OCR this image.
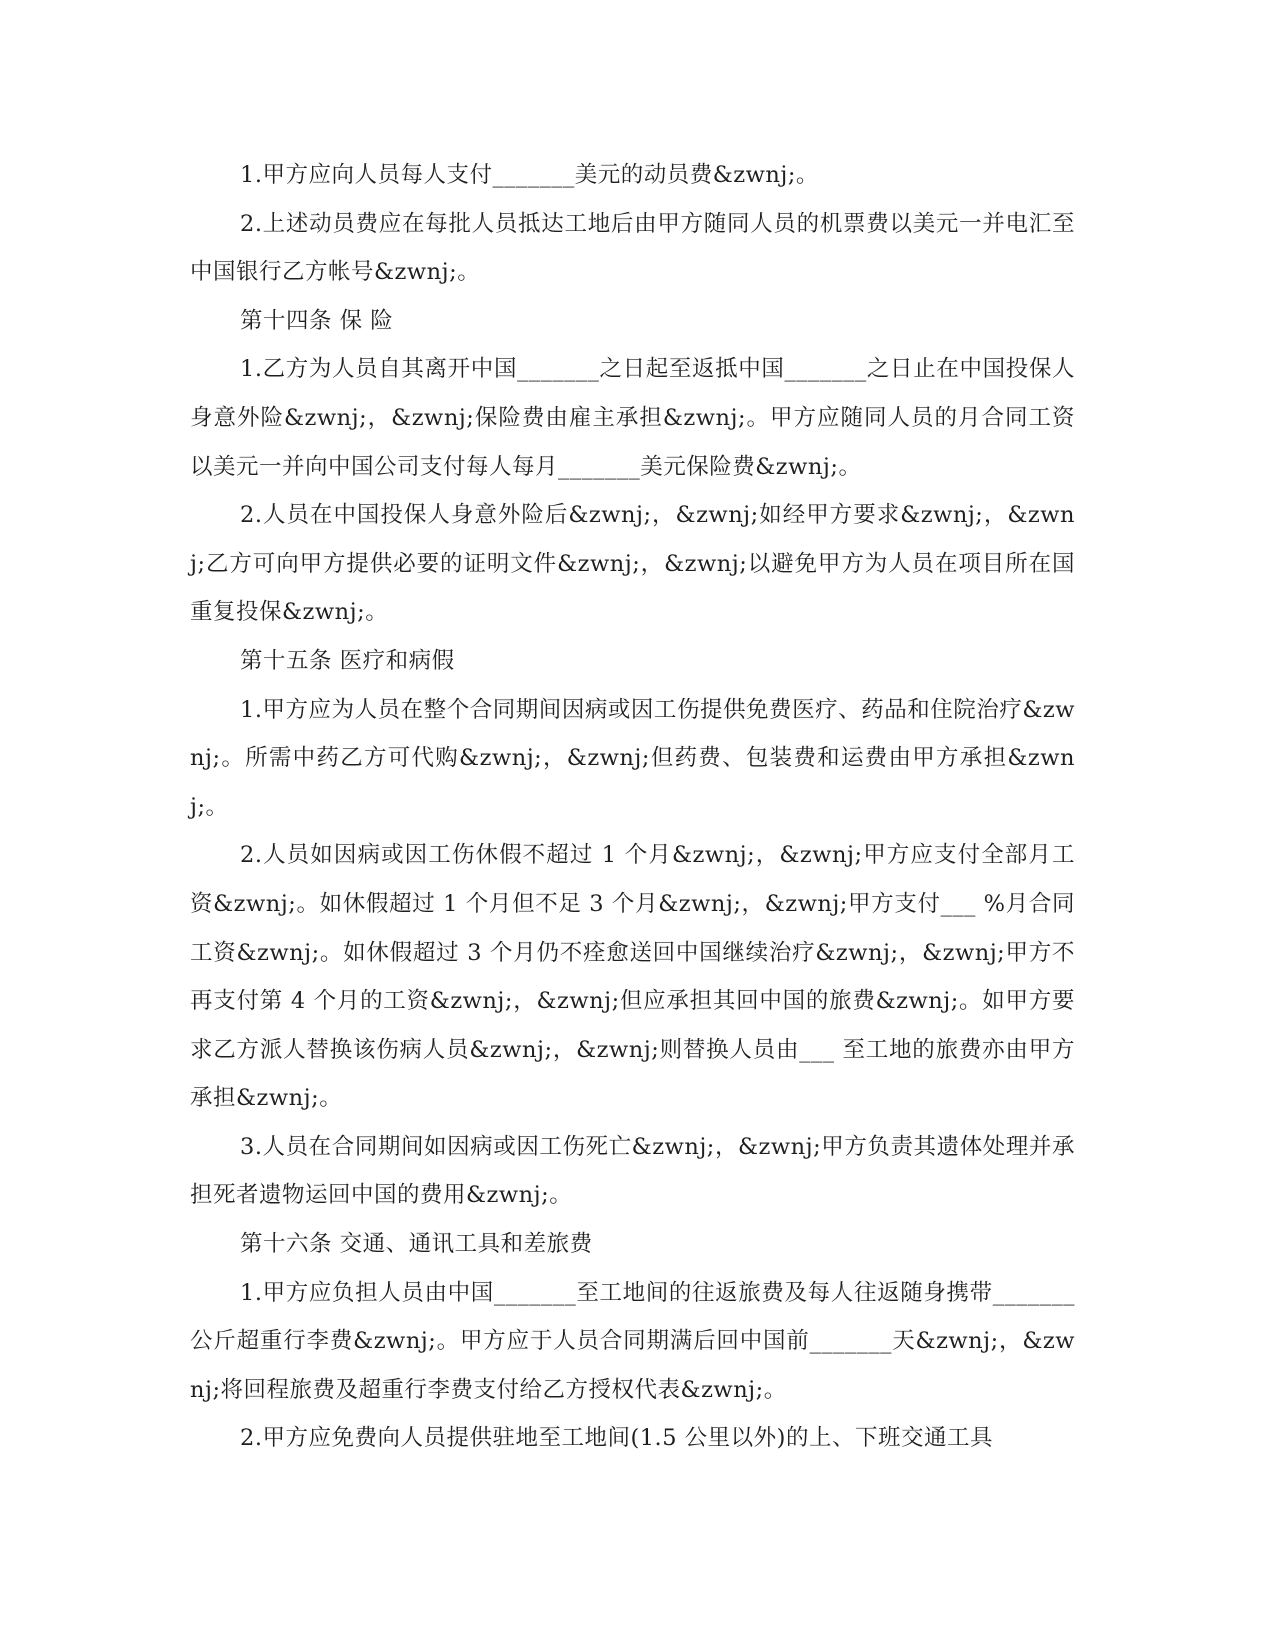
1.甲方应向人员每人支付_______美元的动员费&zwnj;。

2.上述动员费应在每批人员抵达工地后由甲方随同人员的机票费以美元一并电汇至中国银行乙方帐号&zwnj;。

第十四条 保 险

1.乙方为人员自其离开中国_______之日起至返抵中国_______之日止在中国投保人身意外险&zwnj;，&zwnj;保险费由雇主承担&zwnj;。甲方应随同人员的月合同工资以美元一并向中国公司支付每人每月_______美元保险费&zwnj;。

2.人员在中国投保人身意外险后&zwnj;，&zwnj;如经甲方要求&zwnj;，&zwnj;乙方可向甲方提供必要的证明文件&zwnj;，&zwnj;以避免甲方为人员在项目所在国重复投保&zwnj;。

第十五条 医疗和病假

1.甲方应为人员在整个合同期间因病或因工伤提供免费医疗、药品和住院治疗&zwnj;。所需中药乙方可代购&zwnj;，&zwnj;但药费、包装费和运费由甲方承担&zwnj;。

2.人员如因病或因工伤休假不超过 1 个月&zwnj;，&zwnj;甲方应支付全部月工资&zwnj;。如休假超过 1 个月但不足 3 个月&zwnj;，&zwnj;甲方支付___ %月合同工资&zwnj;。如休假超过 3 个月仍不痊愈送回中国继续治疗&zwnj;，&zwnj;甲方不再支付第 4 个月的工资&zwnj;，&zwnj;但应承担其回中国的旅费&zwnj;。如甲方要求乙方派人替换该伤病人员&zwnj;，&zwnj;则替换人员由___ 至工地的旅费亦由甲方承担&zwnj;。

3.人员在合同期间如因病或因工伤死亡&zwnj;，&zwnj;甲方负责其遗体处理并承担死者遗物运回中国的费用&zwnj;。

第十六条 交通、通讯工具和差旅费

1.甲方应负担人员由中国_______至工地间的往返旅费及每人往返随身携带_______公斤超重行李费&zwnj;。甲方应于人员合同期满后回中国前_______天&zwnj;，&zwnj;将回程旅费及超重行李费支付给乙方授权代表&zwnj;。

2.甲方应免费向人员提供驻地至工地间(1.5 公里以外)的上、下班交通工具
